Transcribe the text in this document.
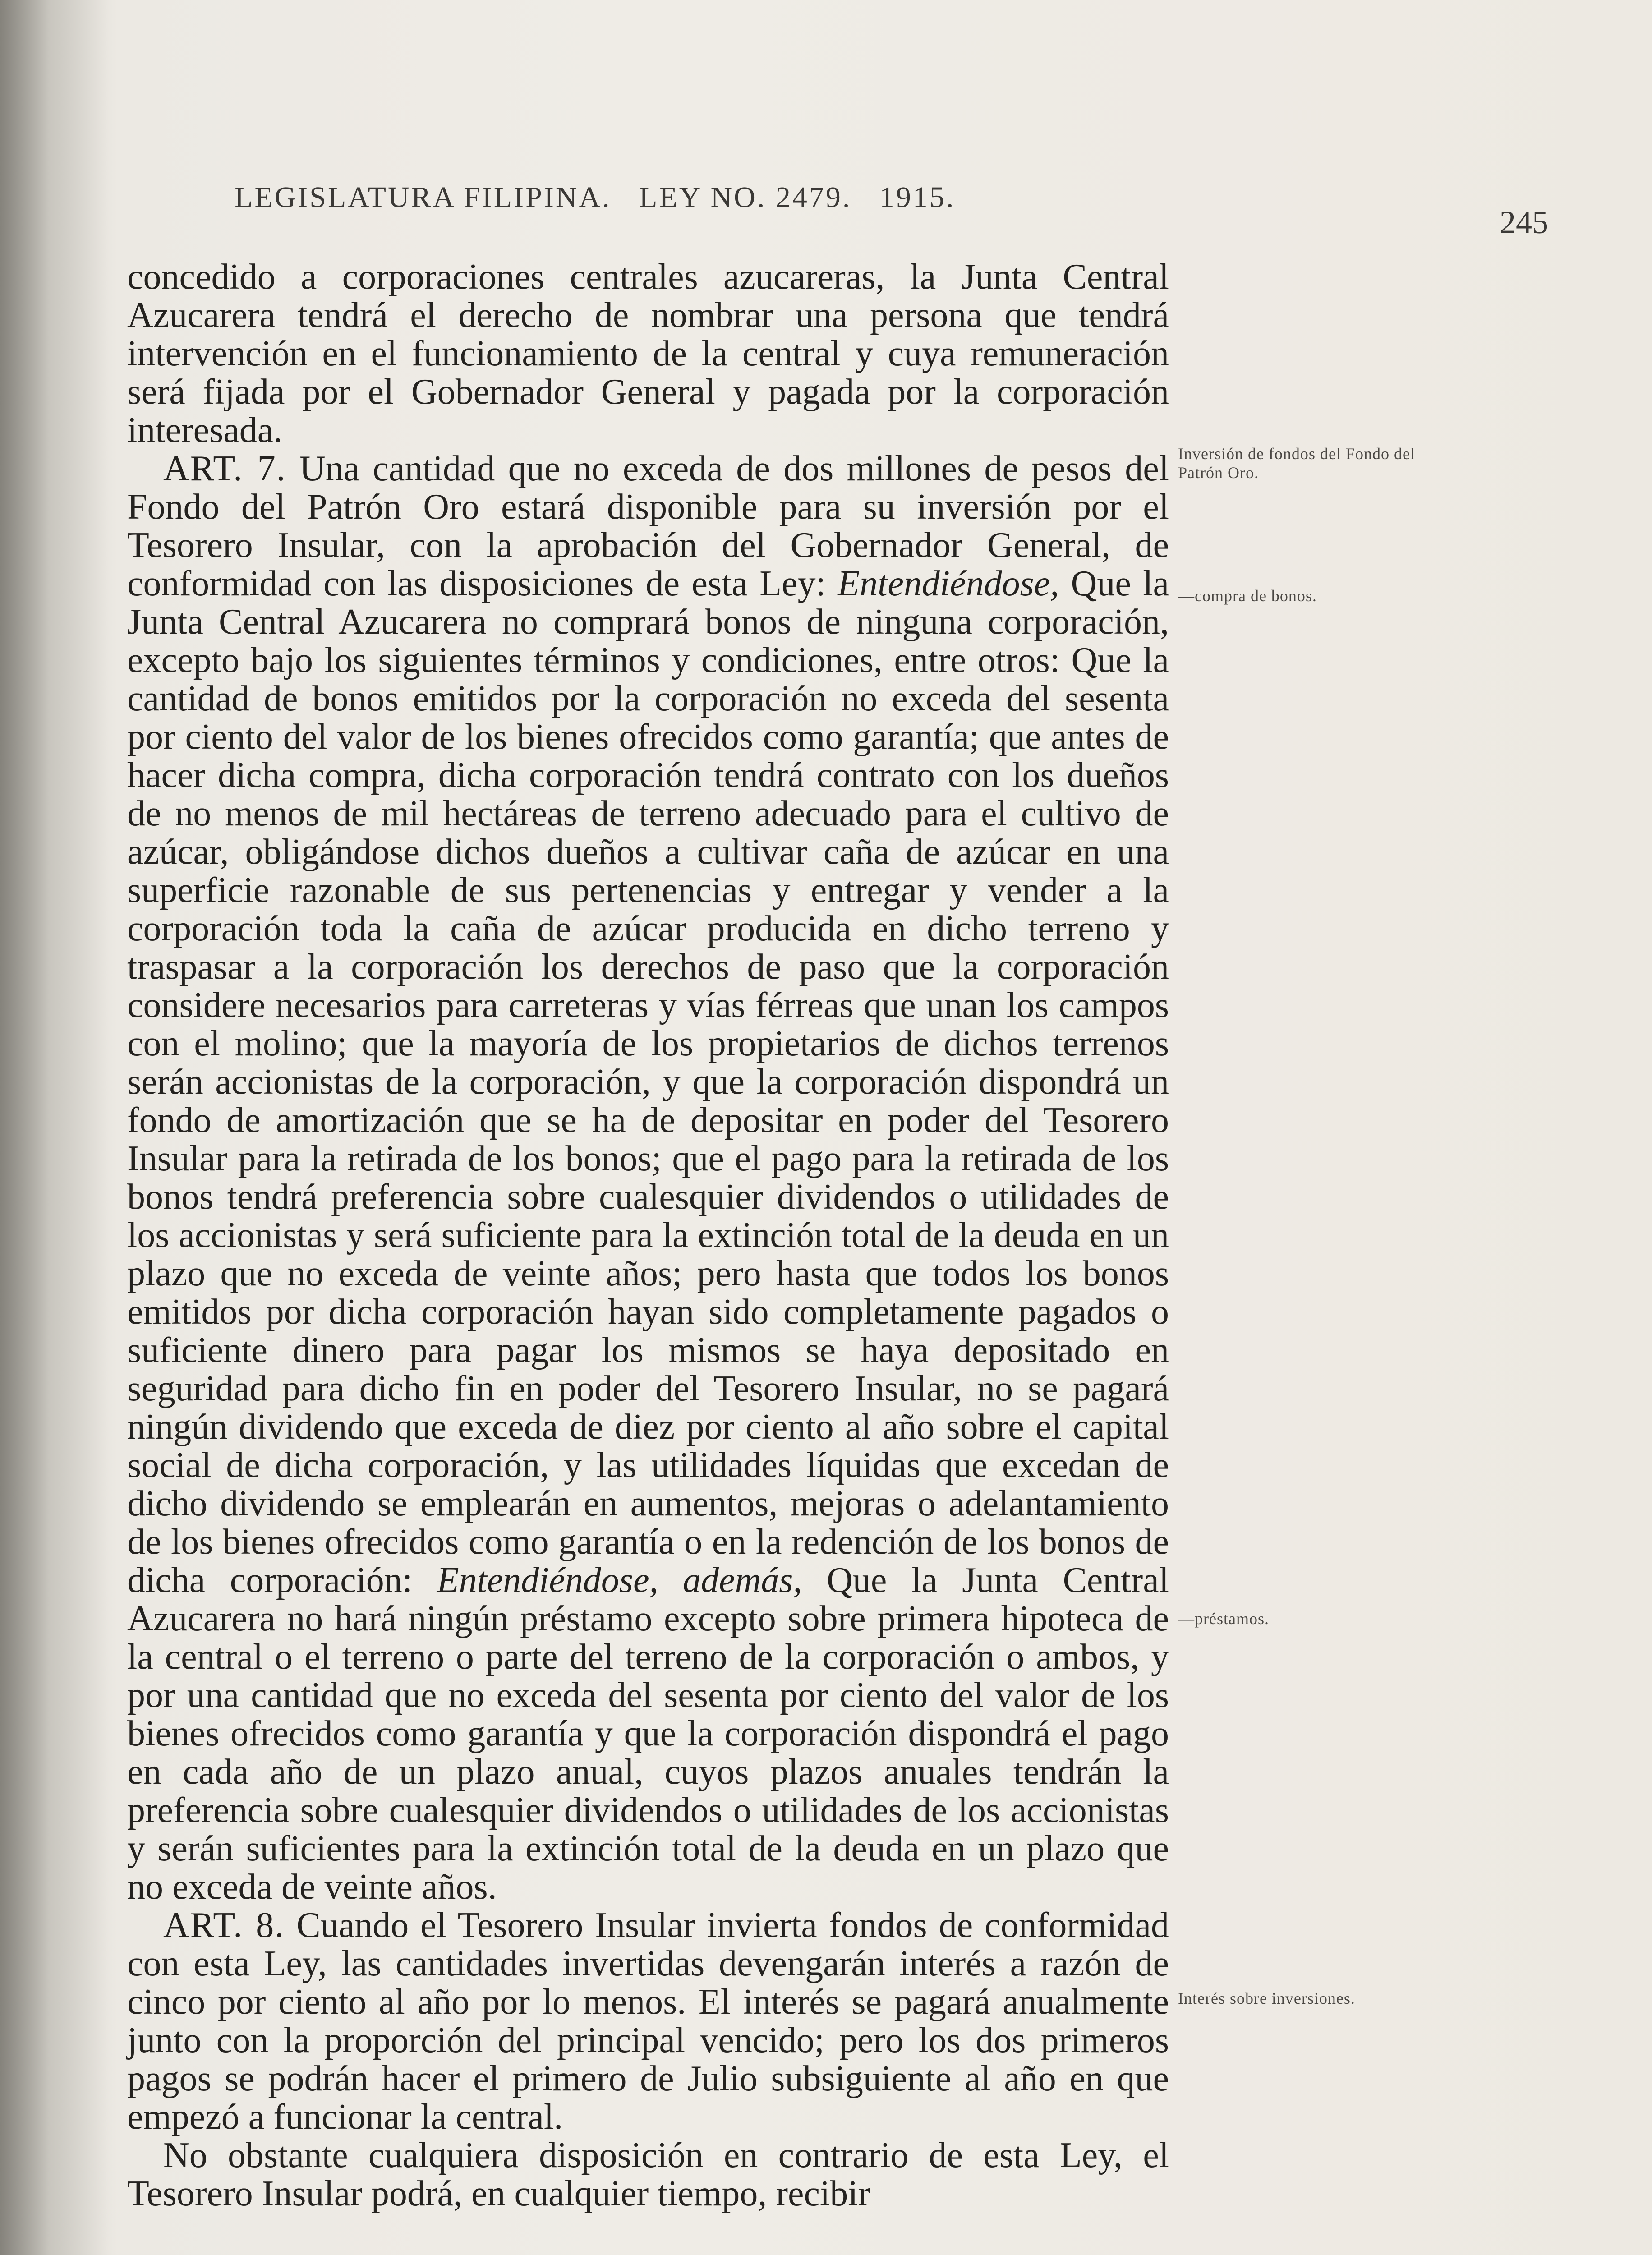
LEGISLATURA FILIPINA.   LEY NO. 2479.   1915.
245

concedido a corporaciones centrales azucareras, la Junta Central Azucarera tendrá el derecho de nombrar una persona que tendrá intervención en el funcionamiento de la central y cuya remuneración será fijada por el Gobernador General y pagada por la corporación interesada.

ART. 7. Una cantidad que no exceda de dos millones de pesos del Fondo del Patrón Oro estará disponible para su inversión por el Tesorero Insular, con la aprobación del Gobernador General, de conformidad con las disposiciones de esta Ley: Entendiéndose, Que la Junta Central Azucarera no comprará bonos de ninguna corporación, excepto bajo los siguientes términos y condiciones, entre otros: Que la cantidad de bonos emitidos por la corporación no exceda del sesenta por ciento del valor de los bienes ofrecidos como garantía; que antes de hacer dicha compra, dicha corporación tendrá contrato con los dueños de no menos de mil hectáreas de terreno adecuado para el cultivo de azúcar, obligándose dichos dueños a cultivar caña de azúcar en una superficie razonable de sus pertenencias y entregar y vender a la corporación toda la caña de azúcar producida en dicho terreno y traspasar a la corporación los derechos de paso que la corporación considere necesarios para carreteras y vías férreas que unan los campos con el molino; que la mayoría de los propietarios de dichos terrenos serán accionistas de la corporación, y que la corporación dispondrá un fondo de amortización que se ha de depositar en poder del Tesorero Insular para la retirada de los bonos; que el pago para la retirada de los bonos tendrá preferencia sobre cualesquier dividendos o utilidades de los accionistas y será suficiente para la extinción total de la deuda en un plazo que no exceda de veinte años; pero hasta que todos los bonos emitidos por dicha corporación hayan sido completamente pagados o suficiente dinero para pagar los mismos se haya depositado en seguridad para dicho fin en poder del Tesorero Insular, no se pagará ningún dividendo que exceda de diez por ciento al año sobre el capital social de dicha corporación, y las utilidades líquidas que excedan de dicho dividendo se emplearán en aumentos, mejoras o adelantamiento de los bienes ofrecidos como garantía o en la redención de los bonos de dicha corporación: Entendiéndose, además, Que la Junta Central Azucarera no hará ningún préstamo excepto sobre primera hipoteca de la central o el terreno o parte del terreno de la corporación o ambos, y por una cantidad que no exceda del sesenta por ciento del valor de los bienes ofrecidos como garantía y que la corporación dispondrá el pago en cada año de un plazo anual, cuyos plazos anuales tendrán la preferencia sobre cualesquier dividendos o utilidades de los accionistas y serán suficientes para la extinción total de la deuda en un plazo que no exceda de veinte años.

ART. 8. Cuando el Tesorero Insular invierta fondos de conformidad con esta Ley, las cantidades invertidas devengarán interés a razón de cinco por ciento al año por lo menos. El interés se pagará anualmente junto con la proporción del principal vencido; pero los dos primeros pagos se podrán hacer el primero de Julio subsiguiente al año en que empezó a funcionar la central.

No obstante cualquiera disposición en contrario de esta Ley, el Tesorero Insular podrá, en cualquier tiempo, recibir

Inversión de fondos del Fondo del Patrón Oro.
—compra de bonos.
—préstamos.
Interés sobre inversiones.
